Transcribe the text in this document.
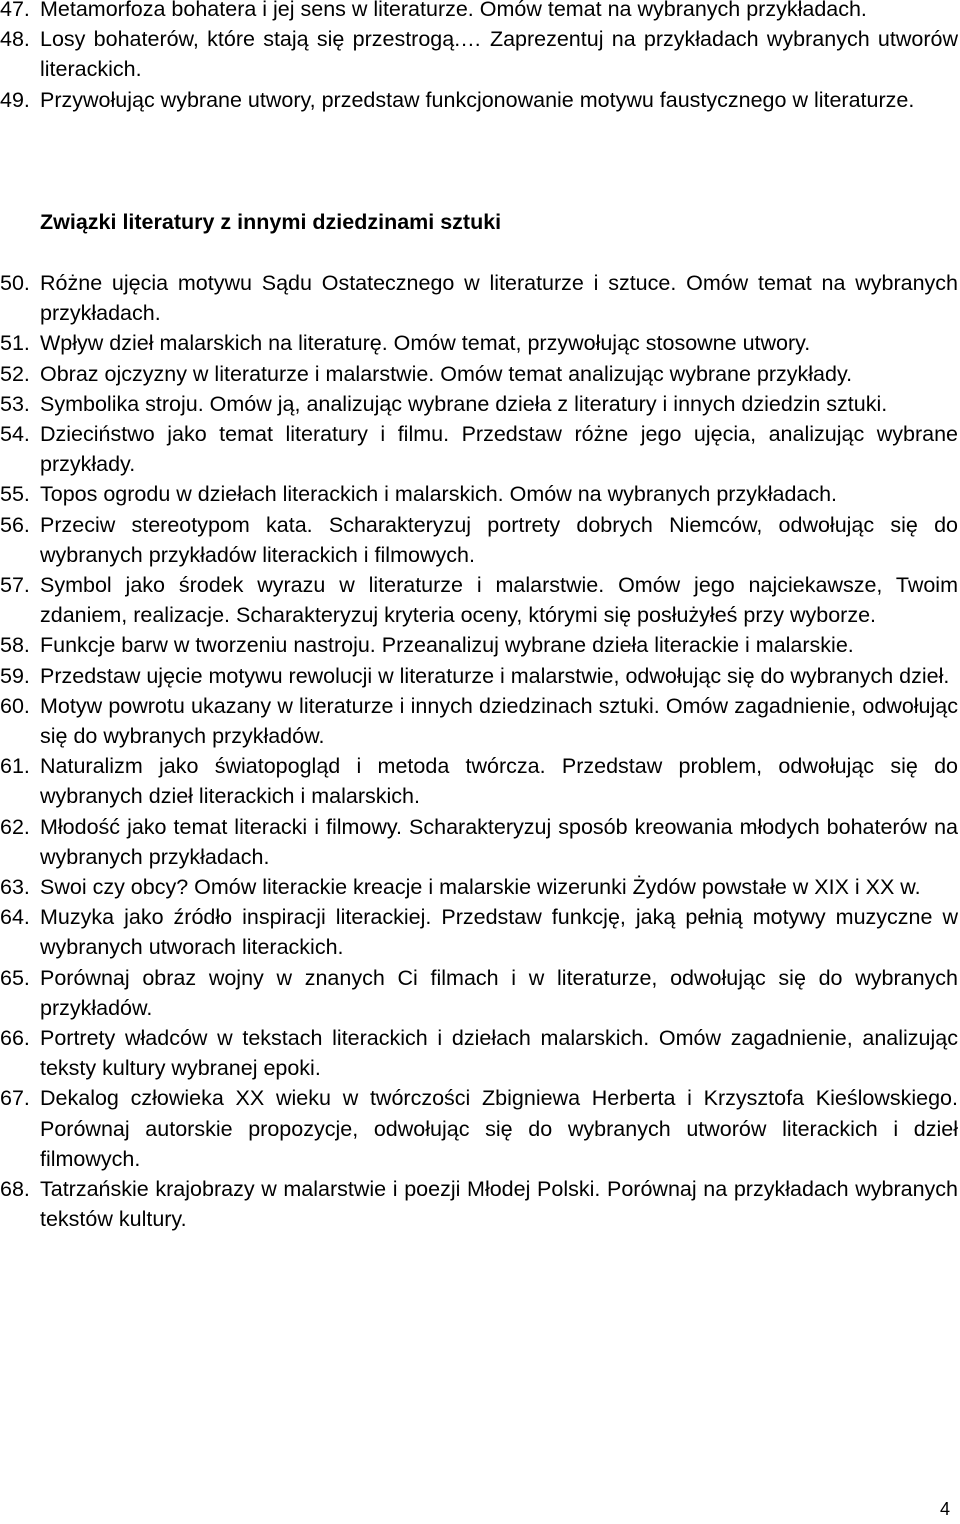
47. Metamorfoza bohatera i jej sens w literaturze. Omów temat na wybranych przykładach.
48. Losy bohaterów, które stają się przestrogą.… Zaprezentuj na przykładach wybranych utworów literackich.
49. Przywołując wybrane utwory, przedstaw funkcjonowanie motywu faustycznego w literaturze.
Związki literatury z innymi dziedzinami sztuki
50. Różne ujęcia motywu Sądu Ostatecznego w literaturze i sztuce. Omów temat na wybranych przykładach.
51. Wpływ dzieł malarskich na literaturę. Omów temat, przywołując stosowne utwory.
52. Obraz ojczyzny w literaturze i malarstwie. Omów temat analizując wybrane przykłady.
53. Symbolika stroju. Omów ją, analizując wybrane dzieła z literatury i innych dziedzin sztuki.
54. Dzieciństwo jako temat literatury i filmu. Przedstaw różne jego ujęcia, analizując wybrane przykłady.
55. Topos ogrodu w dziełach literackich i malarskich. Omów na wybranych przykładach.
56. Przeciw stereotypom kata. Scharakteryzuj portrety dobrych Niemców, odwołując się do wybranych przykładów literackich i filmowych.
57. Symbol jako środek wyrazu w literaturze i malarstwie. Omów jego najciekawsze, Twoim zdaniem, realizacje. Scharakteryzuj kryteria oceny, którymi się posłużyłeś przy wyborze.
58. Funkcje barw w tworzeniu nastroju. Przeanalizuj wybrane dzieła literackie i malarskie.
59. Przedstaw ujęcie motywu rewolucji w literaturze i malarstwie, odwołując się do wybranych dzieł.
60. Motyw powrotu ukazany w literaturze i innych dziedzinach sztuki. Omów zagadnienie, odwołując się do wybranych przykładów.
61. Naturalizm jako światopogląd i metoda twórcza. Przedstaw problem, odwołując się do wybranych dzieł literackich i malarskich.
62. Młodość jako temat literacki i filmowy. Scharakteryzuj sposób kreowania młodych bohaterów na wybranych przykładach.
63. Swoi czy obcy? Omów literackie kreacje i malarskie wizerunki Żydów powstałe w XIX i XX w.
64. Muzyka jako źródło inspiracji literackiej. Przedstaw funkcję, jaką pełnią motywy muzyczne w wybranych utworach literackich.
65. Porównaj obraz wojny w znanych Ci filmach i w literaturze, odwołując się do wybranych przykładów.
66. Portrety władców w tekstach literackich i dziełach malarskich. Omów zagadnienie, analizując teksty kultury wybranej epoki.
67. Dekalog człowieka XX wieku w twórczości Zbigniewa Herberta i Krzysztofa Kieślowskiego. Porównaj autorskie propozycje, odwołując się do wybranych utworów literackich i dzieł filmowych.
68. Tatrzańskie krajobrazy w malarstwie i poezji Młodej Polski. Porównaj na przykładach wybranych tekstów kultury.
4
